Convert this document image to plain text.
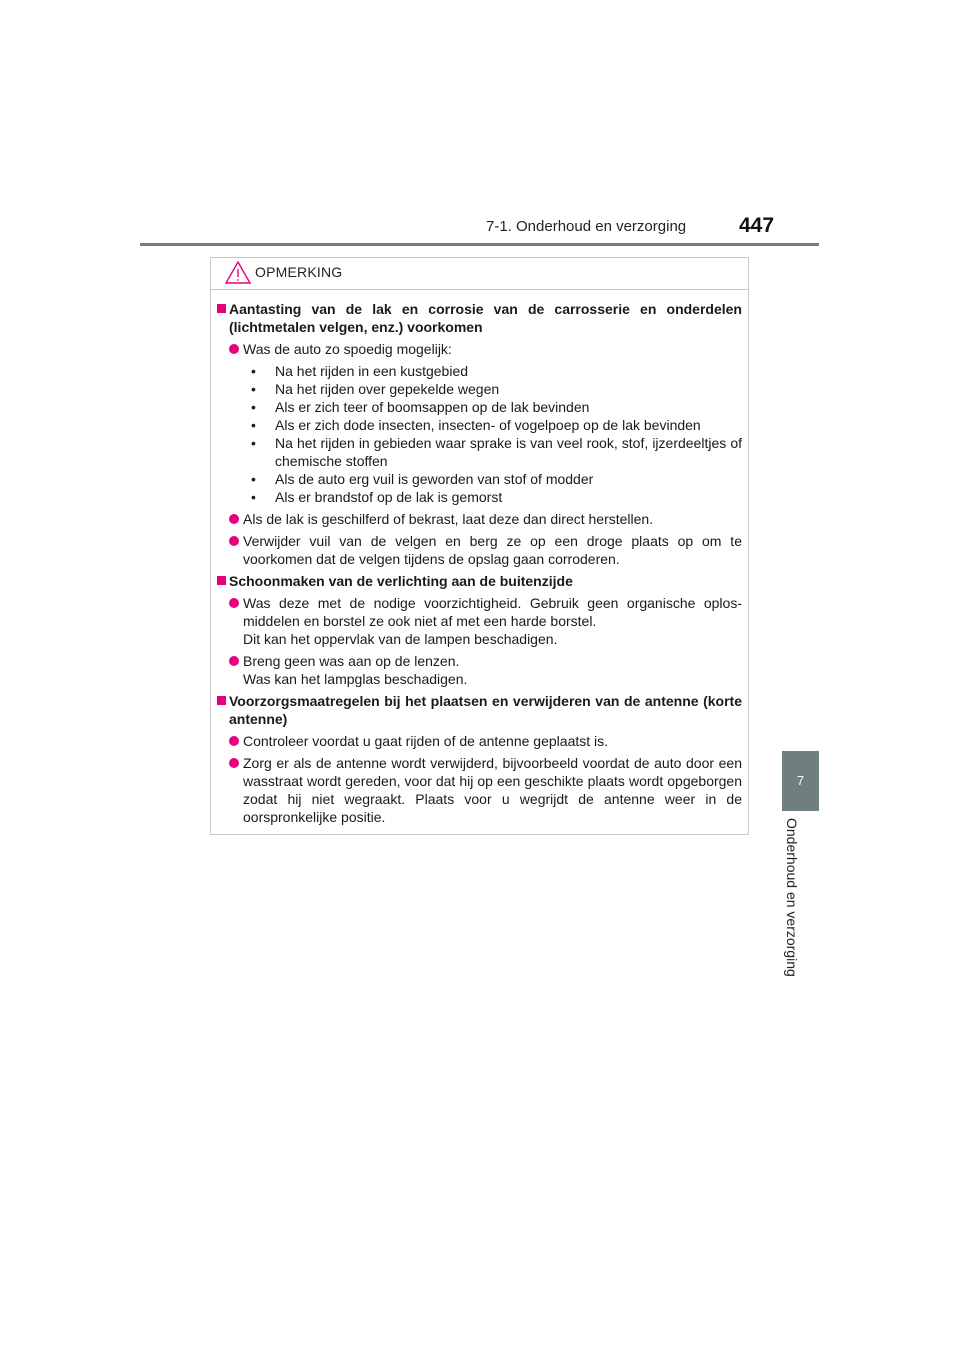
7-1. Onderhoud en verzorging	447
7
Onderhoud en verzorging
OPMERKING
Aantasting van de lak en corrosie van de carrosserie en onderdelen (lichtmetalen velgen, enz.) voorkomen
Was de auto zo spoedig mogelijk:
• Na het rijden in een kustgebied
• Na het rijden over gepekelde wegen
• Als er zich teer of boomsappen op de lak bevinden
• Als er zich dode insecten, insecten- of vogelpoep op de lak bevinden
• Na het rijden in gebieden waar sprake is van veel rook, stof, ijzerdeeltjes of chemische stoffen
• Als de auto erg vuil is geworden van stof of modder
• Als er brandstof op de lak is gemorst
Als de lak is geschilferd of bekrast, laat deze dan direct herstellen.
Verwijder vuil van de velgen en berg ze op een droge plaats op om te voorkomen dat de velgen tijdens de opslag gaan corroderen.
Schoonmaken van de verlichting aan de buitenzijde
Was deze met de nodige voorzichtigheid. Gebruik geen organische oplosmiddelen en borstel ze ook niet af met een harde borstel.
Dit kan het oppervlak van de lampen beschadigen.
Breng geen was aan op de lenzen.
Was kan het lampglas beschadigen.
Voorzorgsmaatregelen bij het plaatsen en verwijderen van de antenne (korte antenne)
Controleer voordat u gaat rijden of de antenne geplaatst is.
Zorg er als de antenne wordt verwijderd, bijvoorbeeld voordat de auto door een wasstraat wordt gereden, voor dat hij op een geschikte plaats wordt opgeborgen zodat hij niet wegraakt. Plaats voor u wegrijdt de antenne weer in de oorspronkelijke positie.
